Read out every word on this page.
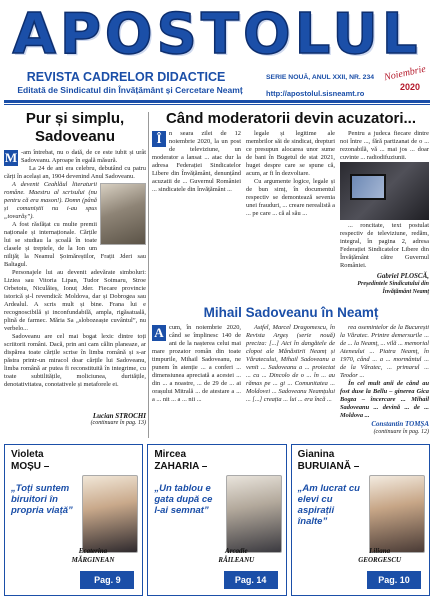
APOSTOLUL
REVISTA CADRELOR DIDACTICE
Editată de Sindicatul din Învățământ și Cercetare Neamț
SERIE NOUĂ, ANUL XXII, NR. 234
http://apostolul.sisneamt.ro
Noiembrie
2020
Pur și simplu, Sadoveanu
M -am întrebat, nu o dată, de ce este iubit și urât Sadoveanu. Aproape în egală măsură.

La 24 de ani era celebru, debutând cu patru cărți în același an, 1904 devenind Anul Sadoveanu.

A devenit Ceahlăul literaturii române. Maestru al scrisului (nu pentru că era mason!). Domn (până și comuniștii nu i-au spus „tovarăș”).

A fost răsfățat cu multe premii naționale și internaționale. Cărțile lui se studiau la școală în toate clasele și treptele, de la Ion um nilijăț la Neamul Șoimăreștilor, Frații Jderi sau Baltagul.

Personajele lui au devenit adevărate simboluri: Liziea sau Vitoria Lipan, Tudor Soimaru, Stroe Orbetoiu, Niculăieș, Ionuț Jder. Fiecare provincie istorică și-l revendică: Moldova, dar și Dobrogea sau Ardealul. A scris mult și bine. Frana lui e recognoscibilă și inconfundabilă, ampla, rigăsatuală, plină de farmec. Măria Sa „slobozeaște cuvântul”, nu verbelo...

Sadoveanu are cel mai bogat lexic dintre toți scriitorii români. Dacă, prin ani cam călin planeaze, ar dispărea toate cărțile scrise în limba română și s-ar păstra printr-un miracol doar cărțile lui Sadoveanu, limba română ar putea fi reconstituită în integrime, cu toate subtilitățile, moliciunea, duritățile, denotativitatea, conotativele și metaforele ei.

Lucian STROCHI
(continuare în pag. 13)
Când moderatorii devin acuzatori...
Î	n seara zilei de 12 noiembrie 2020, la un post de televiziune, un moderator a lansat ... atac dur la adresa Federației Sindicatelor Libere din Învățământ, denunțând acuzatii de ... Guvernul României ... sindicatele din învățământ ...

legale și legitime ale membrilor săi de sindicat, drepturi ce presupun alocarea unor sume de bani în Bugetul de stat 2021, huget despre care se spune că, acum, ar fi în dezvoltare.

Cu argumente logice, legale și de bun simț, în documentul respectiv se demontează sevenia unei frauduri, ... creare nerealistă a ... pe care ... că al său ...

Pentru a judeca fiecare dintre noi între ..., fără partizanat de o ... rezonabilă, vă ... mai jos ... doar cuvinte ... radiodifuziunii.

... roncitate, text postulat respectiv de televiziune, redăm, integral, în pagina 2, adresa Federației Sindicatelor Libere din Învățământ către Guvernul României.

Gabriel PLOSCĂ,
Președintele Sindicatului din Învățământ Neamț
Mihail Sadoveanu în Neamț
A cum, în noiembrie 2020, când se împlinesc 140 de ani de la nașterea celui mai mare prozator român din toate timpurile, Mihail Sadoveanu, ne punem în atenție ... a conferi ... dimensiunea apreciată a acestei ... din ... a noastre, ... de 29 de ... ai orașului Mitrală ... de atestare a ... a ... nit ... a ... nii ...

Astfel, Marcel Dragomescu, în Revista Argeș (serie nouă) preciza: [...] Aici în dangătele de clopot ale Mănăstirii Neamț și Văratecului, Mihail Sadoveanu a venit ... Sadoveanu a ... proiectat ... cu ... Dincolo de o ... în ... au rămas pe ... gi ... Comunitatea ... Moldovei ... Sadoveanu Neamțului ... [...] creația ... lui ... era încă ...

rea osemintelor de la București la Văratec. Printre demersurile ... de ... la Neamț, ... vilă ... memorial Ateneului ... Piatra Neamț, în 1970, când ... a ... mormântul ... de la Văratec, ... primarul ... Teodor ...

În cel mult anii de când au fost duse la Bellu – ginerea Gica Bogza – încercare ... Mihail Sadoveanu ... devină ... de ... Moldova ...

Constantin TOMȘA
(continuare în pag. 12)
Violeta
MOȘU –
„Toți suntem biruitori în propria viață”
Ecaterina
MĂRGINEAN
Pag. 9
Mircea
ZAHARIA –
„Un tablou e gata după ce l-ai semnat”
Arcadie
RĂILEANU
Pag. 14
Gianina
BURUIANĂ –
„Am lucrat cu elevi cu aspirații înalte”
Liliana
GEORGESCU
Pag. 10
